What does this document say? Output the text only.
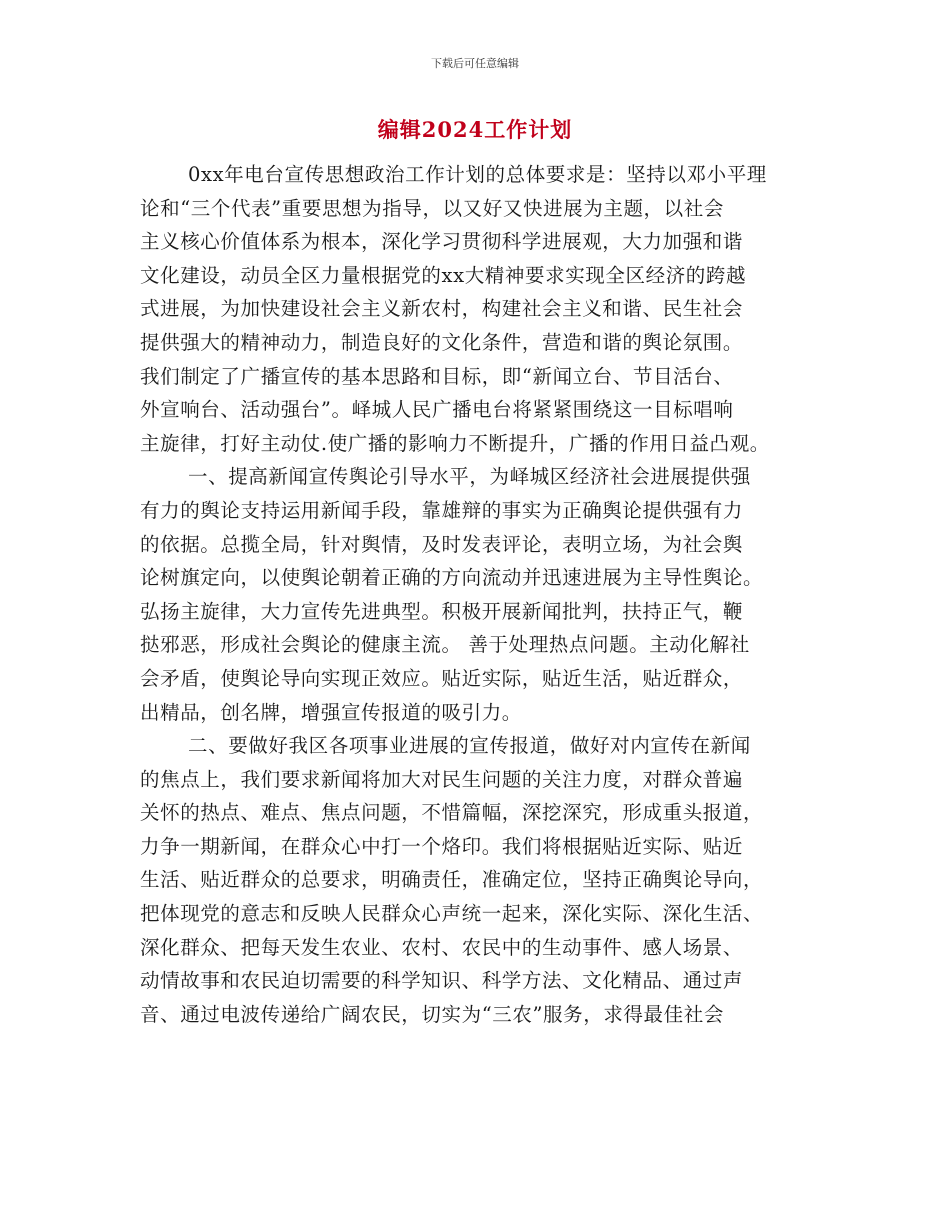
下载后可任意编辑
编辑2024工作计划
0xx年电台宣传思想政治工作计划的总体要求是：坚持以邓小平理
论和“三个代表”重要思想为指导，以又好又快进展为主题，以社会
主义核心价值体系为根本，深化学习贯彻科学进展观，大力加强和谐
文化建设，动员全区力量根据党的xx大精神要求实现全区经济的跨越
式进展，为加快建设社会主义新农村，构建社会主义和谐、民生社会
提供强大的精神动力，制造良好的文化条件，营造和谐的舆论氛围。
我们制定了广播宣传的基本思路和目标，即“新闻立台、节目活台、
外宣响台、活动强台”。峄城人民广播电台将紧紧围绕这一目标唱响
主旋律，打好主动仗.使广播的影响力不断提升，广播的作用日益凸观。
一、提高新闻宣传舆论引导水平，为峄城区经济社会进展提供强
有力的舆论支持运用新闻手段，靠雄辩的事实为正确舆论提供强有力
的依据。总揽全局，针对舆情，及时发表评论，表明立场，为社会舆
论树旗定向，以使舆论朝着正确的方向流动并迅速进展为主导性舆论。
弘扬主旋律，大力宣传先进典型。积极开展新闻批判，扶持正气，鞭
挞邪恶，形成社会舆论的健康主流。 善于处理热点问题。主动化解社
会矛盾，使舆论导向实现正效应。贴近实际，贴近生活，贴近群众，
出精品，创名牌，增强宣传报道的吸引力。
二、要做好我区各项事业进展的宣传报道，做好对内宣传在新闻
的焦点上，我们要求新闻将加大对民生问题的关注力度，对群众普遍
关怀的热点、难点、焦点问题，不惜篇幅，深挖深究，形成重头报道，
力争一期新闻，在群众心中打一个烙印。我们将根据贴近实际、贴近
生活、贴近群众的总要求，明确责任，准确定位，坚持正确舆论导向，
把体现党的意志和反映人民群众心声统一起来，深化实际、深化生活、
深化群众、把每天发生农业、农村、农民中的生动事件、感人场景、
动情故事和农民迫切需要的科学知识、科学方法、文化精品、通过声
音、通过电波传递给广阔农民，切实为“三农”服务，求得最佳社会
